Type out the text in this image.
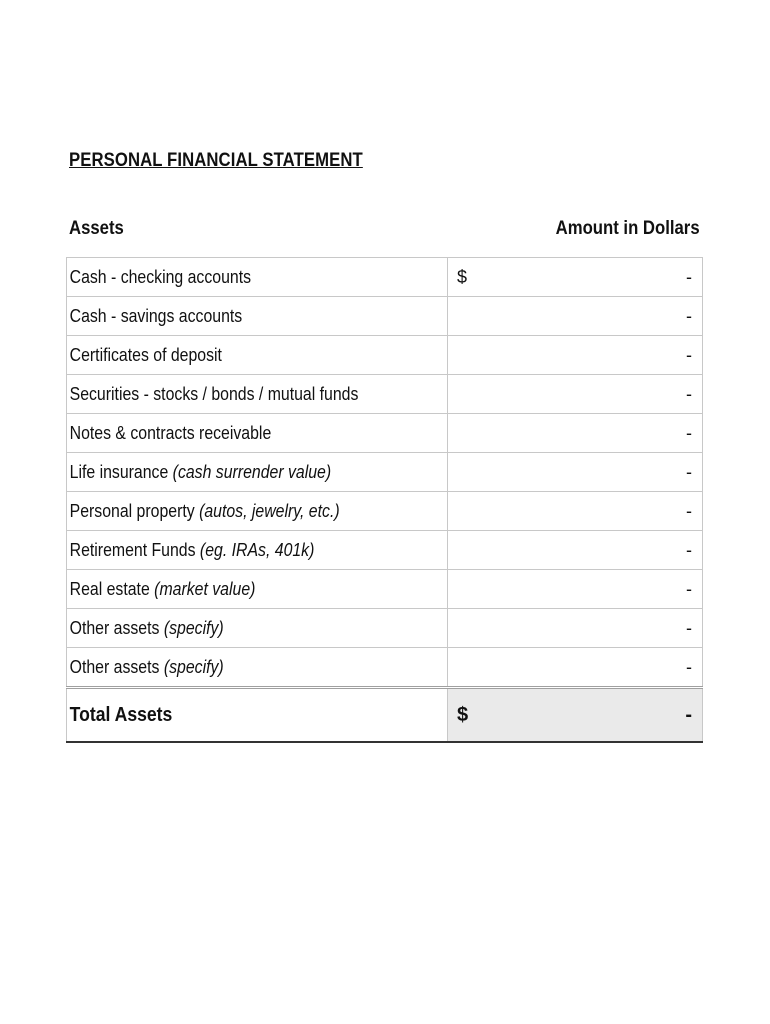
PERSONAL FINANCIAL STATEMENT
Assets	Amount in Dollars
Cash - checking accounts	$ -

Cash - savings accounts	-

Certificates of deposit	-

Securities - stocks / bonds / mutual funds	-

Notes & contracts receivable	-

Life insurance (cash surrender value)	-

Personal property (autos, jewelry, etc.)	-

Retirement Funds (eg. IRAs, 401k)	-

Real estate (market value)	-

Other assets (specify)	-

Other assets (specify)	-

Total Assets	$ -
